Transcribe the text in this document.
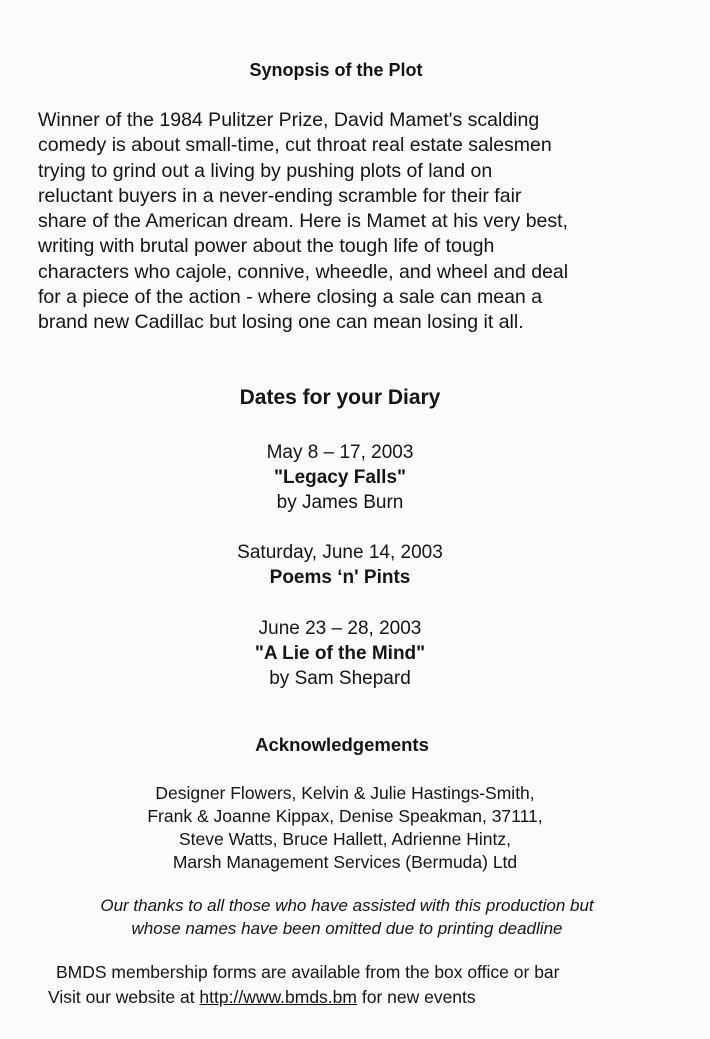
Synopsis of the Plot
Winner of the 1984 Pulitzer Prize, David Mamet's scalding
comedy is about small-time, cut throat real estate salesmen
trying to grind out a living by pushing plots of land on
reluctant buyers in a never-ending scramble for their fair
share of the American dream. Here is Mamet at his very best,
writing with brutal power about the tough life of tough
characters who cajole, connive, wheedle, and wheel and deal
for a piece of the action - where closing a sale can mean a
brand new Cadillac but losing one can mean losing it all.
Dates for your Diary
May 8 – 17, 2003
"Legacy Falls"
by James Burn
Saturday, June 14, 2003
Poems ‘n' Pints
June 23 – 28, 2003
"A Lie of the Mind"
by Sam Shepard
Acknowledgements
Designer Flowers, Kelvin & Julie Hastings-Smith,
Frank & Joanne Kippax, Denise Speakman, 37111,
Steve Watts, Bruce Hallett, Adrienne Hintz,
Marsh Management Services (Bermuda) Ltd
Our thanks to all those who have assisted with this production but
whose names have been omitted due to printing deadline
BMDS membership forms are available from the box office or bar
Visit our website at http://www.bmds.bm for new events
